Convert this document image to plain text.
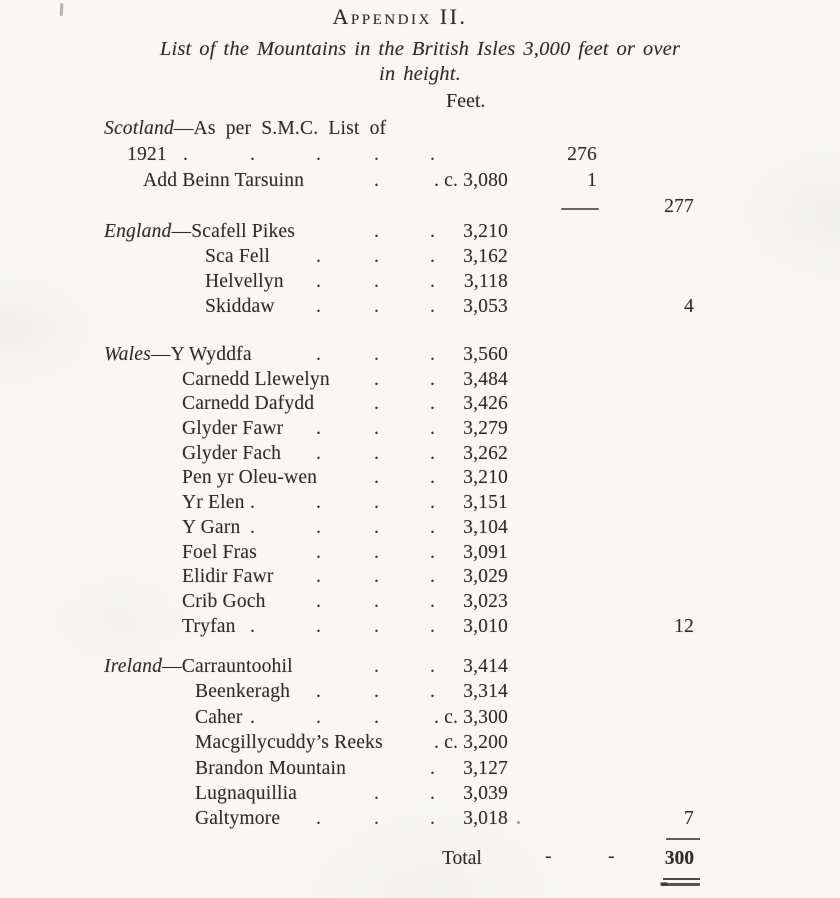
Appendix II.
List of the Mountains in the British Isles 3,000 feet or over
in height.
Feet.
Scotland—As per S.M.C. List of
1921 .	.	.	.	.	276
Add Beinn Tarsuinn	.	. c. 3,080	1
277
England—Scafell Pikes	.	.	3,210
Sca Fell .	.	.	3,162
Helvellyn .	.	.	3,118
Skiddaw .	.	.	3,053	4
Wales—Y Wyddfa	.	.	.	3,560
Carnedd Llewelyn .	.	3,484
Carnedd Dafydd	.	.	3,426
Glyder Fawr .	.	.	3,279
Glyder Fach .	.	.	3,262
Pen yr Oleu-wen	.	.	3,210
Yr Elen .	.	.	.	3,151
Y Garn .	.	.	.	3,104
Foel Fras	.	.	.	3,091
Elidir Fawr .	.	.	3,029
Crib Goch	.	.	.	3,023
Tryfan .	.	.	.	3,010	12
Ireland—Carrauntoohil	.	.	3,414
Beenkeragh .	.	.	3,314
Caher .	.	.	. c. 3,300
Macgillycuddy’s Reeks	. c. 3,200
Brandon Mountain	.	3,127
Lugnaquillia	.	.	3,039
Galtymore .	.	.	3,018	7
Total	-	-	300
